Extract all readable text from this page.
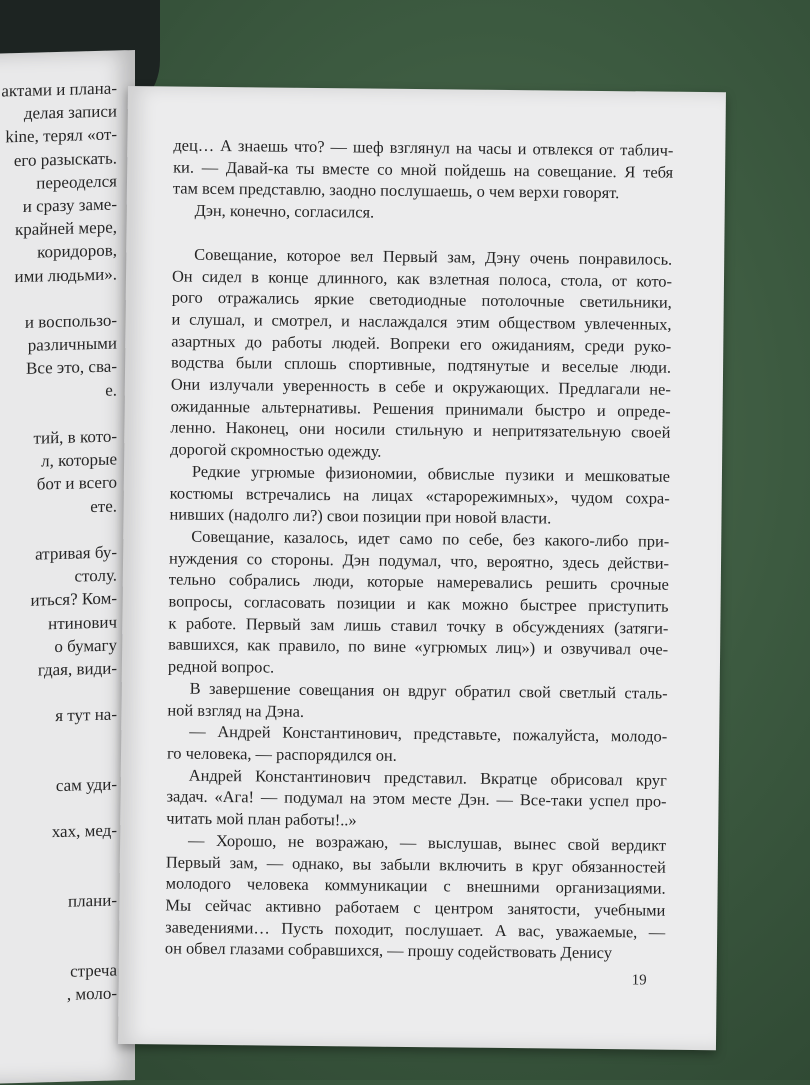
актами и плана-
делая записи
kine, терял «от-
его разыскать.
переоделся
и сразу заме-
крайней мере,
коридоров,
ими людьми».
и воспользо-
различными
Все это, сва-
е.
тий, в кото-
л, которые
бот и всего
ете.
атривая бу-
столу.
иться? Ком-
нтинович
о бумагу
гдая, види-
я тут на-
сам уди-
хах, мед-
плани-
стреча
, моло-
дец… А знаешь что? — шеф взглянул на часы и отвлекся от таблич-
ки. — Давай-ка ты вместе со мной пойдешь на совещание. Я тебя
там всем представлю, заодно послушаешь, о чем верхи говорят.
Дэн, конечно, согласился.
Совещание, которое вел Первый зам, Дэну очень понравилось.
Он сидел в конце длинного, как взлетная полоса, стола, от кото-
рого отражались яркие светодиодные потолочные светильники,
и слушал, и смотрел, и наслаждался этим обществом увлеченных,
азартных до работы людей. Вопреки его ожиданиям, среди руко-
водства были сплошь спортивные, подтянутые и веселые люди.
Они излучали уверенность в себе и окружающих. Предлагали не-
ожиданные альтернативы. Решения принимали быстро и опреде-
ленно. Наконец, они носили стильную и непритязательную своей
дорогой скромностью одежду.
Редкие угрюмые физиономии, обвислые пузики и мешковатые
костюмы встречались на лицах «старорежимных», чудом сохра-
нивших (надолго ли?) свои позиции при новой власти.
Совещание, казалось, идет само по себе, без какого-либо при-
нуждения со стороны. Дэн подумал, что, вероятно, здесь действи-
тельно собрались люди, которые намеревались решить срочные
вопросы, согласовать позиции и как можно быстрее приступить
к работе. Первый зам лишь ставил точку в обсуждениях (затяги-
вавшихся, как правило, по вине «угрюмых лиц») и озвучивал оче-
редной вопрос.
В завершение совещания он вдруг обратил свой светлый сталь-
ной взгляд на Дэна.
— Андрей Константинович, представьте, пожалуйста, молодо-
го человека, — распорядился он.
Андрей Константинович представил. Вкратце обрисовал круг
задач. «Ага! — подумал на этом месте Дэн. — Все-таки успел про-
читать мой план работы!..»
— Хорошо, не возражаю, — выслушав, вынес свой вердикт
Первый зам, — однако, вы забыли включить в круг обязанностей
молодого человека коммуникации с внешними организациями.
Мы сейчас активно работаем с центром занятости, учебными
заведениями… Пусть походит, послушает. А вас, уважаемые, —
он обвел глазами собравшихся, — прошу содействовать Денису
19
